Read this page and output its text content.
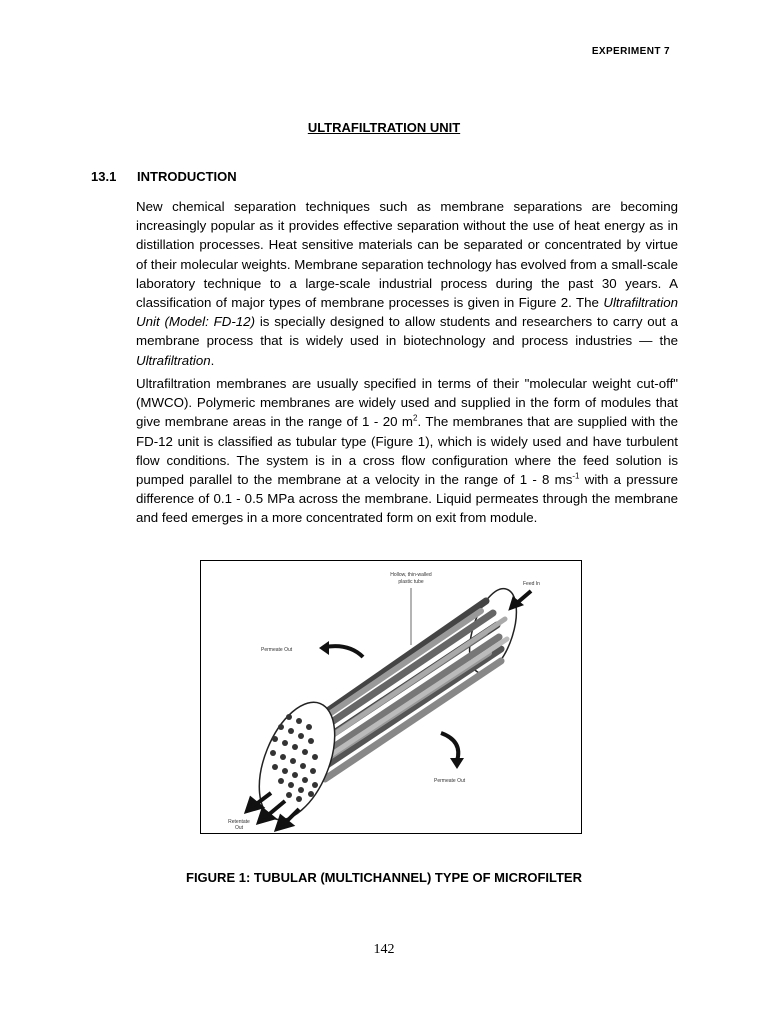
EXPERIMENT 7
ULTRAFILTRATION UNIT
13.1 INTRODUCTION
New chemical separation techniques such as membrane separations are becoming increasingly popular as it provides effective separation without the use of heat energy as in distillation processes. Heat sensitive materials can be separated or concentrated by virtue of their molecular weights. Membrane separation technology has evolved from a small-scale laboratory technique to a large-scale industrial process during the past 30 years. A classification of major types of membrane processes is given in Figure 2. The Ultrafiltration Unit (Model: FD-12) is specially designed to allow students and researchers to carry out a membrane process that is widely used in biotechnology and process industries — the Ultrafiltration.
Ultrafiltration membranes are usually specified in terms of their "molecular weight cut-off" (MWCO). Polymeric membranes are widely used and supplied in the form of modules that give membrane areas in the range of 1 - 20 $m^2$. The membranes that are supplied with the FD-12 unit is classified as tubular type (Figure 1), which is widely used and have turbulent flow conditions. The system is in a cross flow configuration where the feed solution is pumped parallel to the membrane at a velocity in the range of 1 - 8 $ms^{-1}$ with a pressure difference of 0.1 - 0.5 MPa across the membrane. Liquid permeates through the membrane and feed emerges in a more concentrated form on exit from module.
Hollow, thin-walled
plastic tube	Feed In
Permeate Out
Permeate Out
Retentate
Out
FIGURE 1: TUBULAR (MULTICHANNEL) TYPE OF MICROFILTER
142
